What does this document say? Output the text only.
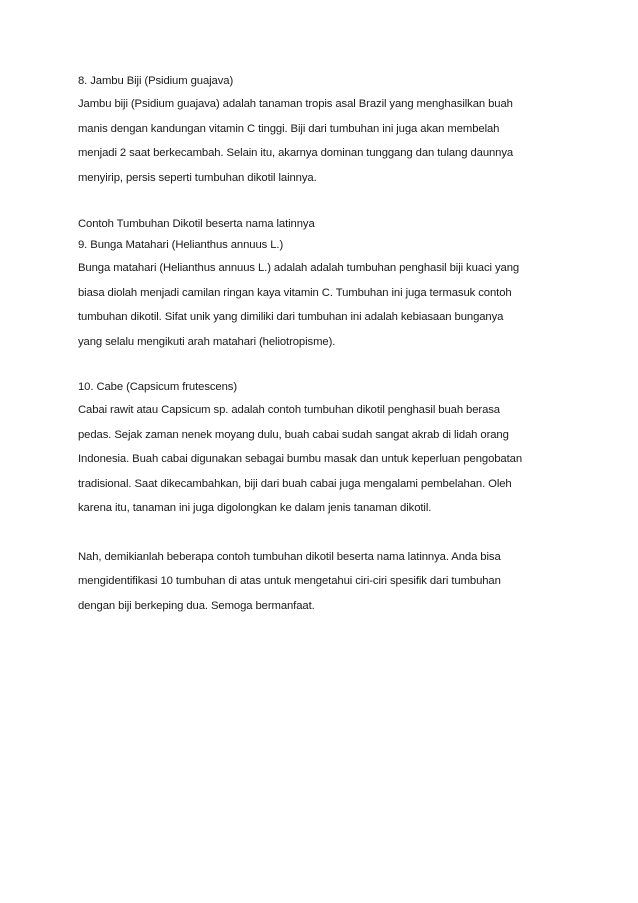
8. Jambu Biji (Psidium guajava)
Jambu biji (Psidium guajava) adalah tanaman tropis asal Brazil yang menghasilkan buah
manis dengan kandungan vitamin C tinggi. Biji dari tumbuhan ini juga akan membelah
menjadi 2 saat berkecambah. Selain itu, akarnya dominan tunggang dan tulang daunnya
menyirip, persis seperti tumbuhan dikotil lainnya.
Contoh Tumbuhan Dikotil beserta nama latinnya
9. Bunga Matahari (Helianthus annuus L.)
Bunga matahari (Helianthus annuus L.) adalah adalah tumbuhan penghasil biji kuaci yang
biasa diolah menjadi camilan ringan kaya vitamin C. Tumbuhan ini juga termasuk contoh
tumbuhan dikotil. Sifat unik yang dimiliki dari tumbuhan ini adalah kebiasaan bunganya
yang selalu mengikuti arah matahari (heliotropisme).
10. Cabe (Capsicum frutescens)
Cabai rawit atau Capsicum sp. adalah contoh tumbuhan dikotil penghasil buah berasa
pedas. Sejak zaman nenek moyang dulu, buah cabai sudah sangat akrab di lidah orang
Indonesia. Buah cabai digunakan sebagai bumbu masak dan untuk keperluan pengobatan
tradisional. Saat dikecambahkan, biji dari buah cabai juga mengalami pembelahan. Oleh
karena itu, tanaman ini juga digolongkan ke dalam jenis tanaman dikotil.
Nah, demikianlah beberapa contoh tumbuhan dikotil beserta nama latinnya. Anda bisa
mengidentifikasi 10 tumbuhan di atas untuk mengetahui ciri-ciri spesifik dari tumbuhan
dengan biji berkeping dua. Semoga bermanfaat.
